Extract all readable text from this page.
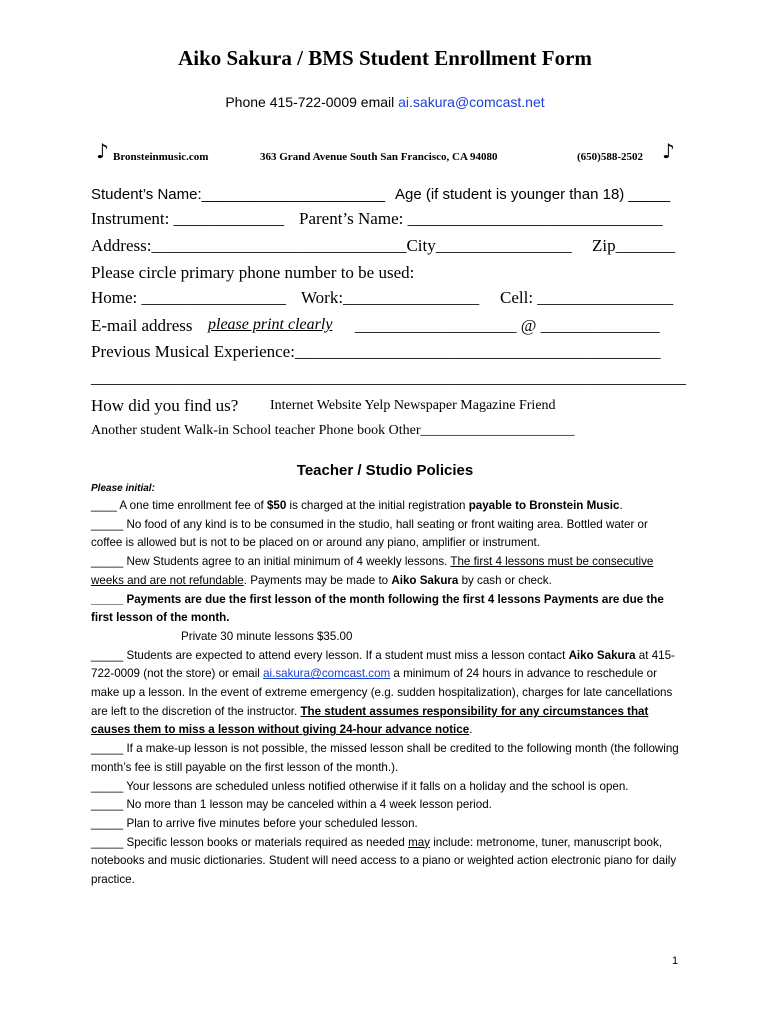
Aiko Sakura / BMS Student Enrollment Form
Phone 415-722-0009 email ai.sakura@comcast.net
♪ Bronsteinmusic.com	363 Grand Avenue South San Francisco, CA 94080	(650)588-2502 ♪
Student’s Name:______________________ Age (if student is younger than 18) _____
Instrument: _____________ Parent’s Name: ______________________________
Address:______________________________City________________ Zip_______
Please circle primary phone number to be used:
Home: _________________ Work:________________ Cell: ________________
E-mail address please print clearly ___________________ @ ______________
Previous Musical Experience:___________________________________________
______________________________________________________________________
How did you find us? Internet Website Yelp Newspaper Magazine Friend
Another student Walk-in School teacher Phone book Other______________________
Teacher / Studio Policies
Please initial:

____ A one time enrollment fee of $50 is charged at the initial registration payable to Bronstein Music.

_____ No food of any kind is to be consumed in the studio, hall seating or front waiting area. Bottled water or coffee is allowed but is not to be placed on or around any piano, amplifier or instrument.

_____ New Students agree to an initial minimum of 4 weekly lessons. The first 4 lessons must be consecutive weeks and are not refundable. Payments may be made to Aiko Sakura by cash or check.

_____ Payments are due the first lesson of the month following the first 4 lessons Payments are due the first lesson of the month.

Private 30 minute lessons $35.00

_____ Students are expected to attend every lesson. If a student must miss a lesson contact Aiko Sakura at 415-722-0009 (not the store) or email ai.sakura@comcast.com a minimum of 24 hours in advance to reschedule or make up a lesson. In the event of extreme emergency (e.g. sudden hospitalization), charges for late cancellations are left to the discretion of the instructor. The student assumes responsibility for any circumstances that causes them to miss a lesson without giving 24-hour advance notice.

_____ If a make-up lesson is not possible, the missed lesson shall be credited to the following month (the following month’s fee is still payable on the first lesson of the month.).

_____ Your lessons are scheduled unless notified otherwise if it falls on a holiday and the school is open.

_____ No more than 1 lesson may be canceled within a 4 week lesson period.

_____ Plan to arrive five minutes before your scheduled lesson.

_____ Specific lesson books or materials required as needed may include: metronome, tuner, manuscript book, notebooks and music dictionaries. Student will need access to a piano or weighted action electronic piano for daily practice.

1
